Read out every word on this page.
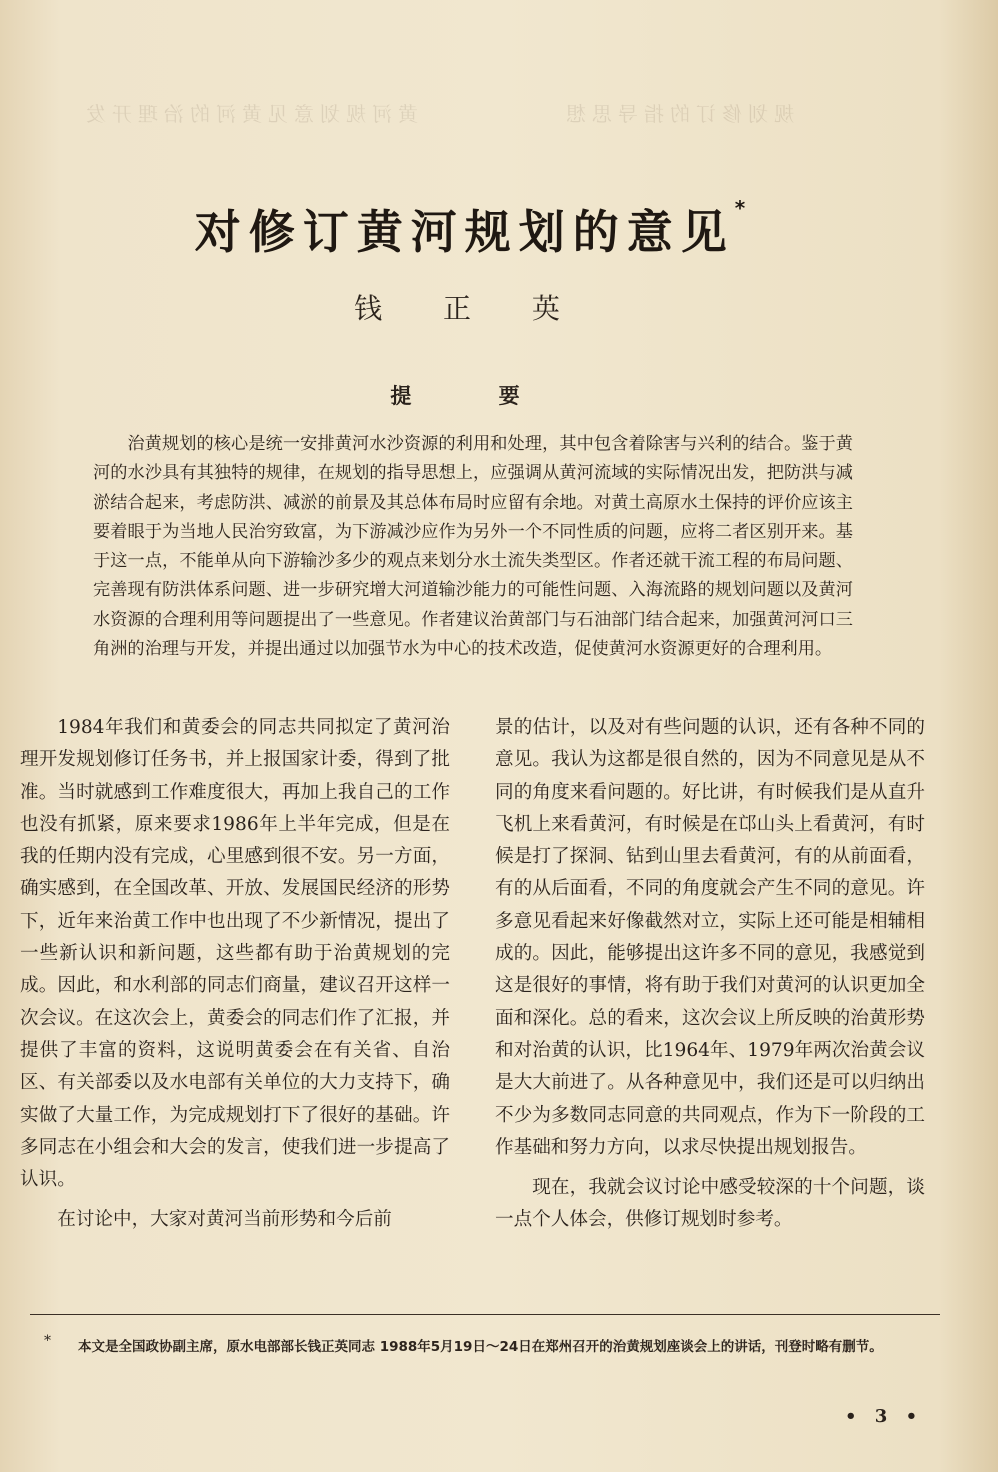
黄河规划意见黄河的治理开发	规划修订的指导思想
对修订黄河规划的意见*
钱 正 英
提 要
治黄规划的核心是统一安排黄河水沙资源的利用和处理，其中包含着除害与兴利的结合。鉴于黄河的水沙具有其独特的规律，在规划的指导思想上，应强调从黄河流域的实际情况出发，把防洪与减淤结合起来，考虑防洪、减淤的前景及其总体布局时应留有余地。对黄土高原水土保持的评价应该主要着眼于为当地人民治穷致富，为下游减沙应作为另外一个不同性质的问题，应将二者区别开来。基于这一点，不能单从向下游输沙多少的观点来划分水土流失类型区。作者还就干流工程的布局问题、完善现有防洪体系问题、进一步研究增大河道输沙能力的可能性问题、入海流路的规划问题以及黄河水资源的合理利用等问题提出了一些意见。作者建议治黄部门与石油部门结合起来，加强黄河河口三角洲的治理与开发，并提出通过以加强节水为中心的技术改造，促使黄河水资源更好的合理利用。

1984年我们和黄委会的同志共同拟定了黄河治理开发规划修订任务书，并上报国家计委，得到了批准。当时就感到工作难度很大，再加上我自己的工作也没有抓紧，原来要求1986年上半年完成，但是在我的任期内没有完成，心里感到很不安。另一方面，确实感到，在全国改革、开放、发展国民经济的形势下，近年来治黄工作中也出现了不少新情况，提出了一些新认识和新问题，这些都有助于治黄规划的完成。因此，和水利部的同志们商量，建议召开这样一次会议。在这次会上，黄委会的同志们作了汇报，并提供了丰富的资料，这说明黄委会在有关省、自治区、有关部委以及水电部有关单位的大力支持下，确实做了大量工作，为完成规划打下了很好的基础。许多同志在小组会和大会的发言，使我们进一步提高了认识。

在讨论中，大家对黄河当前形势和今后前

景的估计，以及对有些问题的认识，还有各种不同的意见。我认为这都是很自然的，因为不同意见是从不同的角度来看问题的。好比讲，有时候我们是从直升飞机上来看黄河，有时候是在邙山头上看黄河，有时候是打了探洞、钻到山里去看黄河，有的从前面看，有的从后面看，不同的角度就会产生不同的意见。许多意见看起来好像截然对立，实际上还可能是相辅相成的。因此，能够提出这许多不同的意见，我感觉到这是很好的事情，将有助于我们对黄河的认识更加全面和深化。总的看来，这次会议上所反映的治黄形势和对治黄的认识，比1964年、1979年两次治黄会议是大大前进了。从各种意见中，我们还是可以归纳出不少为多数同志同意的共同观点，作为下一阶段的工作基础和努力方向，以求尽快提出规划报告。

现在，我就会议讨论中感受较深的十个问题，谈一点个人体会，供修订规划时参考。

* 本文是全国政协副主席，原水电部部长钱正英同志 1988年5月19日～24日在郑州召开的治黄规划座谈会上的讲话，刊登时略有删节。
• 3 •
